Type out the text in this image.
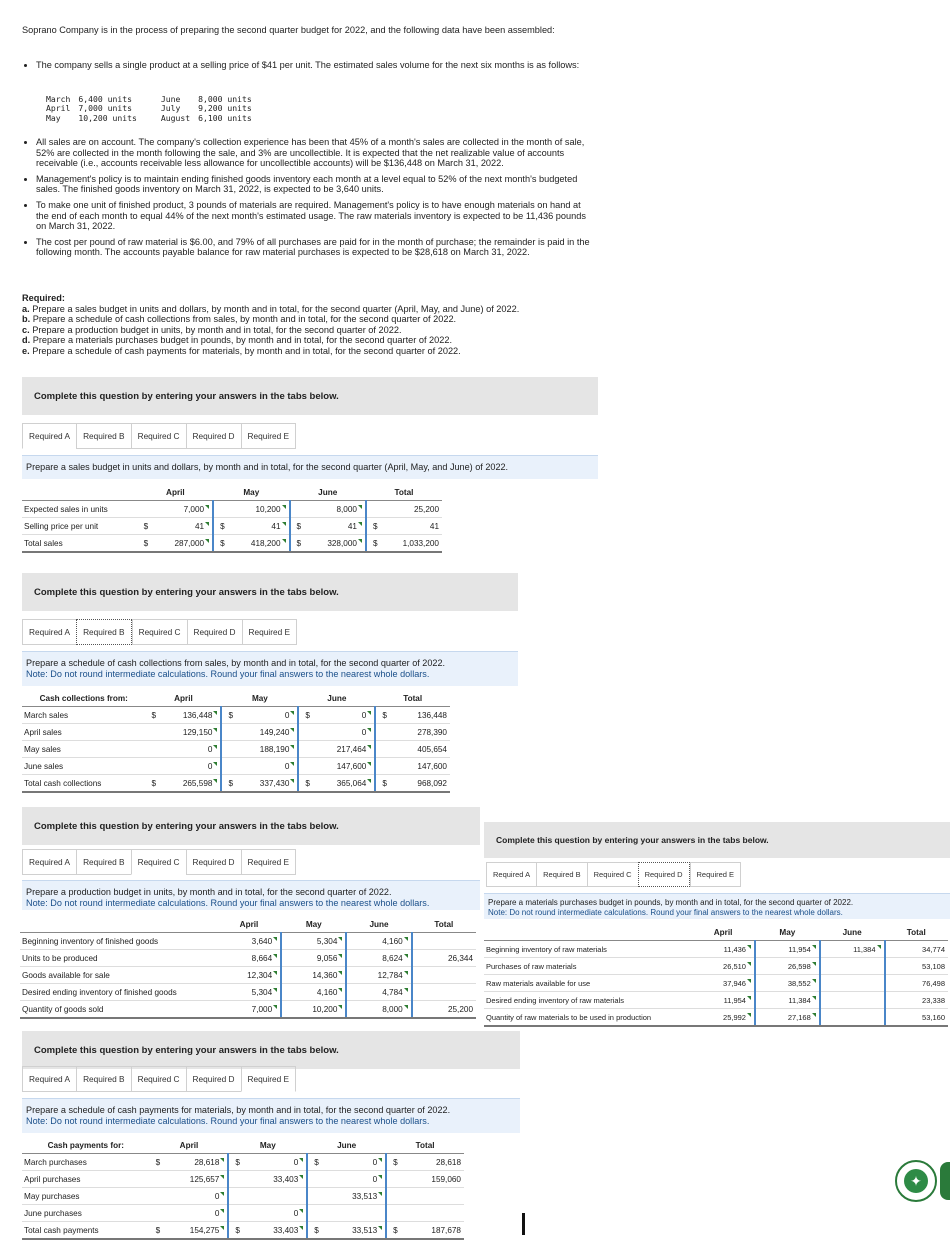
Soprano Company is in the process of preparing the second quarter budget for 2022, and the following data have been assembled:

• The company sells a single product at a selling price of $41 per unit. The estimated sales volume for the next six months is as follows:
March	6,400 units	June	8,000 units
April	7,000 units	July	9,200 units
May	10,200 units	August	6,100 units
• All sales are on account. The company's collection experience has been that 45% of a month's sales are collected in the month of sale, 52% are collected in the month following the sale, and 3% are uncollectible. It is expected that the net realizable value of accounts receivable (i.e., accounts receivable less allowance for uncollectible accounts) will be $136,448 on March 31, 2022.
• Management's policy is to maintain ending finished goods inventory each month at a level equal to 52% of the next month's budgeted sales. The finished goods inventory on March 31, 2022, is expected to be 3,640 units.
• To make one unit of finished product, 3 pounds of materials are required. Management's policy is to have enough materials on hand at the end of each month to equal 44% of the next month's estimated usage. The raw materials inventory is expected to be 11,436 pounds on March 31, 2022.
• The cost per pound of raw material is $6.00, and 79% of all purchases are paid for in the month of purchase; the remainder is paid in the following month. The accounts payable balance for raw material purchases is expected to be $28,618 on March 31, 2022.

Required:

a. Prepare a sales budget in units and dollars, by month and in total, for the second quarter (April, May, and June) of 2022.

b. Prepare a schedule of cash collections from sales, by month and in total, for the second quarter of 2022.

c. Prepare a production budget in units, by month and in total, for the second quarter of 2022.

d. Prepare a materials purchases budget in pounds, by month and in total, for the second quarter of 2022.

e. Prepare a schedule of cash payments for materials, by month and in total, for the second quarter of 2022.

Complete this question by entering your answers in the tabs below.
Required A	Required B	Required C	Required D	Required E

Prepare a sales budget in units and dollars, by month and in total, for the second quarter (April, May, and June) of 2022.

	April		May		June		Total	
Expected sales in units		7,000		10,200		8,000		25,200
Selling price per unit	$	41	$	41	$	41	$	41
Total sales	$	287,000	$	418,200	$	328,000	$	1,033,200
Complete this question by entering your answers in the tabs below.
Required A	Required B	Required C	Required D	Required E

Prepare a schedule of cash collections from sales, by month and in total, for the second quarter of 2022.

Note: Do not round intermediate calculations. Round your final answers to the nearest whole dollars.

Cash collections from:	April		May		June		Total	
March sales	$	136,448	$	0	$	0	$	136,448
April sales		129,150		149,240		0		278,390
May sales		0		188,190		217,464		405,654
June sales		0		0		147,600		147,600
Total cash collections	$	265,598	$	337,430	$	365,064	$	968,092
Complete this question by entering your answers in the tabs below.
Required A	Required B	Required C	Required D	Required E

Prepare a production budget in units, by month and in total, for the second quarter of 2022.

Note: Do not round intermediate calculations. Round your final answers to the nearest whole dollars.

	April	May	June	Total
Beginning inventory of finished goods	3,640	5,304	4,160	
Units to be produced	8,664	9,056	8,624	26,344
Goods available for sale	12,304	14,360	12,784	
Desired ending inventory of finished goods	5,304	4,160	4,784	
Quantity of goods sold	7,000	10,200	8,000	25,200
Complete this question by entering your answers in the tabs below.
Required A	Required B	Required C	Required D	Required E

Prepare a materials purchases budget in pounds, by month and in total, for the second quarter of 2022.

Note: Do not round intermediate calculations. Round your final answers to the nearest whole dollars.

	April	May	June	Total
Beginning inventory of raw materials	11,436	11,954	11,384	34,774
Purchases of raw materials	26,510	26,598		53,108
Raw materials available for use	37,946	38,552		76,498
Desired ending inventory of raw materials	11,954	11,384		23,338
Quantity of raw materials to be used in production	25,992	27,168		53,160
Complete this question by entering your answers in the tabs below.
Required A	Required B	Required C	Required D	Required E

Prepare a schedule of cash payments for materials, by month and in total, for the second quarter of 2022.

Note: Do not round intermediate calculations. Round your final answers to the nearest whole dollars.

Cash payments for:	April		May		June		Total	
March purchases	$	28,618	$	0	$	0	$	28,618
April purchases		125,657		33,403		0		159,060
May purchases		0				33,513		
June purchases		0		0				
Total cash payments	$	154,275	$	33,403	$	33,513	$	187,678
✦
